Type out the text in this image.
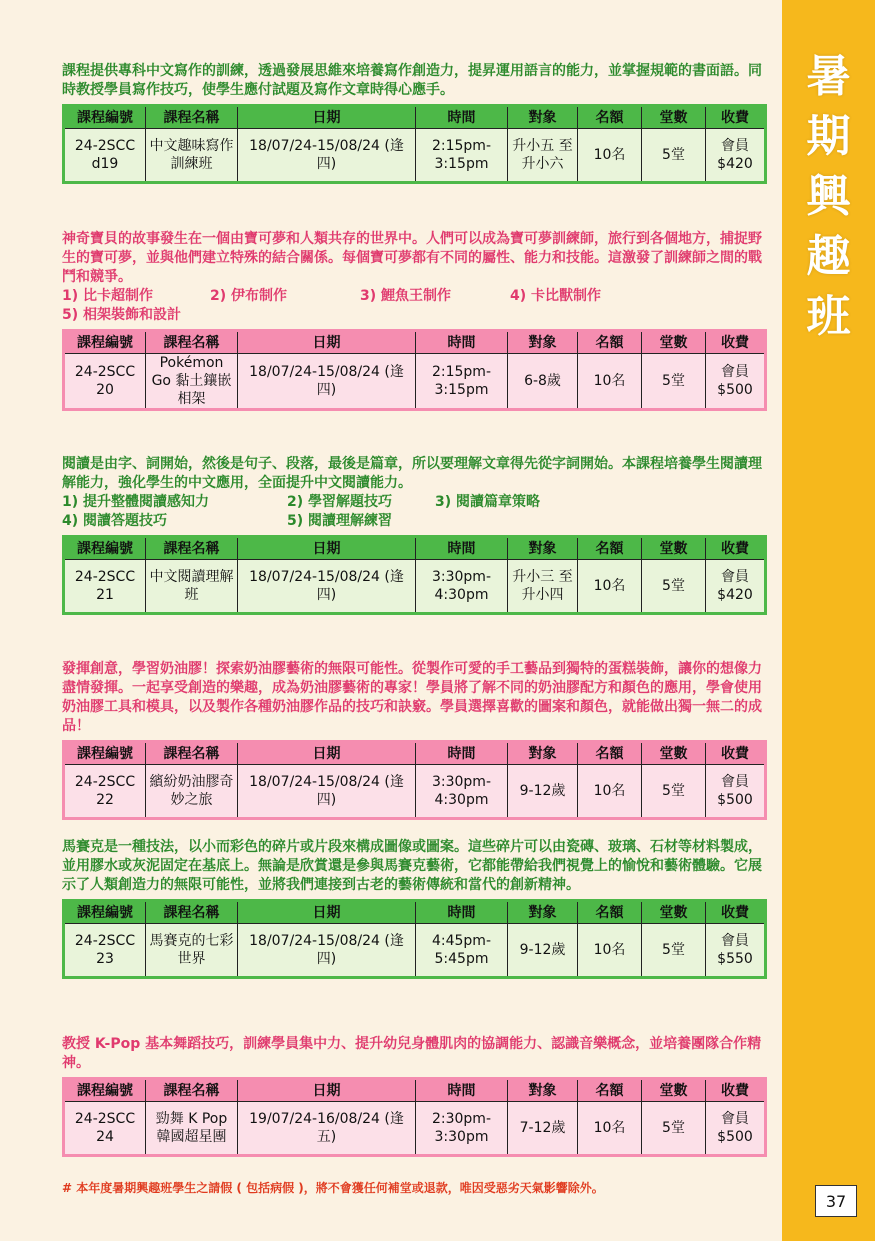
暑
期
興
趣
班
37

課程提供專科中文寫作的訓練，透過發展思維來培養寫作創造力，提昇運用語言的能力，並掌握規範的書面語。同時教授學員寫作技巧，使學生應付試題及寫作文章時得心應手。

課程編號	課程名稱	日期	時間	對象	名額	堂數	收費
24-2SCC d19	中文趣味寫作訓練班	18/07/24-15/08/24 (逢四)	2:15pm-3:15pm	升小五 至 升小六	10名	5堂	會員 $420

神奇寶貝的故事發生在一個由寶可夢和人類共存的世界中。人們可以成為寶可夢訓練師，旅行到各個地方，捕捉野生的寶可夢，並與他們建立特殊的結合關係。每個寶可夢都有不同的屬性、能力和技能。這激發了訓練師之間的戰鬥和競爭。

1) 比卡超制作	2) 伊布制作	3) 鯉魚王制作	4) 卡比獸制作
5) 相架裝飾和設計
課程編號	課程名稱	日期	時間	對象	名額	堂數	收費
24-2SCC 20	Pokémon Go 黏土鑲嵌相架	18/07/24-15/08/24 (逢四)	2:15pm-3:15pm	6-8歲	10名	5堂	會員 $500

閱讀是由字、詞開始，然後是句子、段落，最後是篇章，所以要理解文章得先從字詞開始。本課程培養學生閱讀理解能力，強化學生的中文應用，全面提升中文閱讀能力。

1) 提升整體閱讀感知力	2) 學習解題技巧	3) 閱讀篇章策略
4) 閱讀答題技巧	5) 閱讀理解練習
課程編號	課程名稱	日期	時間	對象	名額	堂數	收費
24-2SCC 21	中文閱讀理解班	18/07/24-15/08/24 (逢四)	3:30pm-4:30pm	升小三 至 升小四	10名	5堂	會員 $420

發揮創意，學習奶油膠！探索奶油膠藝術的無限可能性。從製作可愛的手工藝品到獨特的蛋糕裝飾，讓你的想像力盡情發揮。一起享受創造的樂趣，成為奶油膠藝術的專家！學員將了解不同的奶油膠配方和顏色的應用，學會使用奶油膠工具和模具，以及製作各種奶油膠作品的技巧和訣竅。學員選擇喜歡的圖案和顏色，就能做出獨一無二的成品！

課程編號	課程名稱	日期	時間	對象	名額	堂數	收費
24-2SCC 22	繽紛奶油膠奇妙之旅	18/07/24-15/08/24 (逢四)	3:30pm-4:30pm	9-12歲	10名	5堂	會員 $500

馬賽克是一種技法，以小而彩色的碎片或片段來構成圖像或圖案。這些碎片可以由瓷磚、玻璃、石材等材料製成，並用膠水或灰泥固定在基底上。無論是欣賞還是參與馬賽克藝術，它都能帶給我們視覺上的愉悅和藝術體驗。它展示了人類創造力的無限可能性，並將我們連接到古老的藝術傳統和當代的創新精神。

課程編號	課程名稱	日期	時間	對象	名額	堂數	收費
24-2SCC 23	馬賽克的七彩世界	18/07/24-15/08/24 (逢四)	4:45pm-5:45pm	9-12歲	10名	5堂	會員 $550

教授 K-Pop 基本舞蹈技巧，訓練學員集中力、提升幼兒身體肌肉的協調能力、認識音樂概念，並培養團隊合作精神。

課程編號	課程名稱	日期	時間	對象	名額	堂數	收費
24-2SCC 24	勁舞 K Pop 韓國超星團	19/07/24-16/08/24 (逢五)	2:30pm-3:30pm	7-12歲	10名	5堂	會員 $500
# 本年度暑期興趣班學生之請假 ( 包括病假 )，將不會獲任何補堂或退款，唯因受惡劣天氣影響除外。
